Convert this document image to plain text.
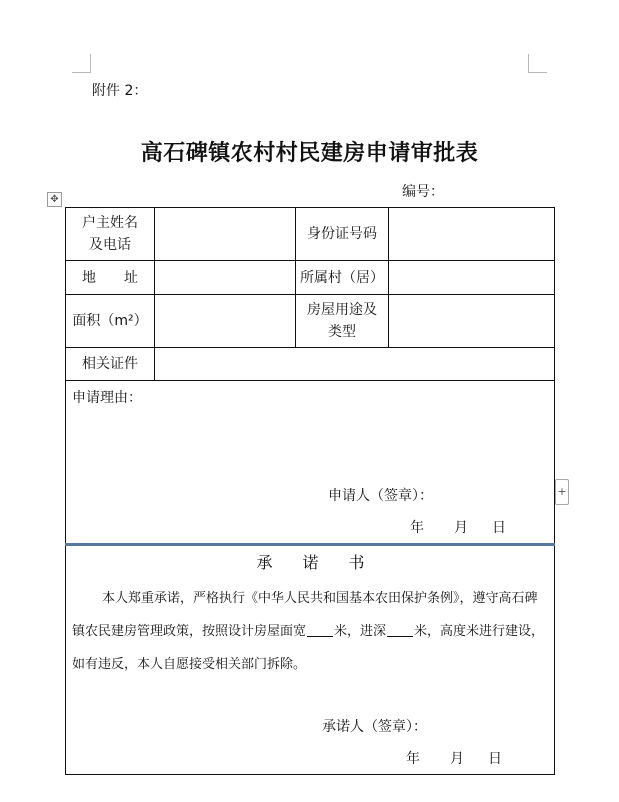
附件 2：
高石碑镇农村村民建房申请审批表
编号：
✥
+
户主姓名
及电话		身份证号码	
地 址		所属村（居）	
面积（m²）		房屋用途及
类型	

相关证件			

申请理由：
申请人（签章）：
年 月 日			

承 诺 书
本人郑重承诺，严格执行《中华人民共和国基本农田保护条例》，遵守高石碑镇农民建房管理政策，按照设计房屋面宽 米，进深 米，高度米进行建设，如有违反，本人自愿接受相关部门拆除。
承诺人（签章）：
年 月 日			
